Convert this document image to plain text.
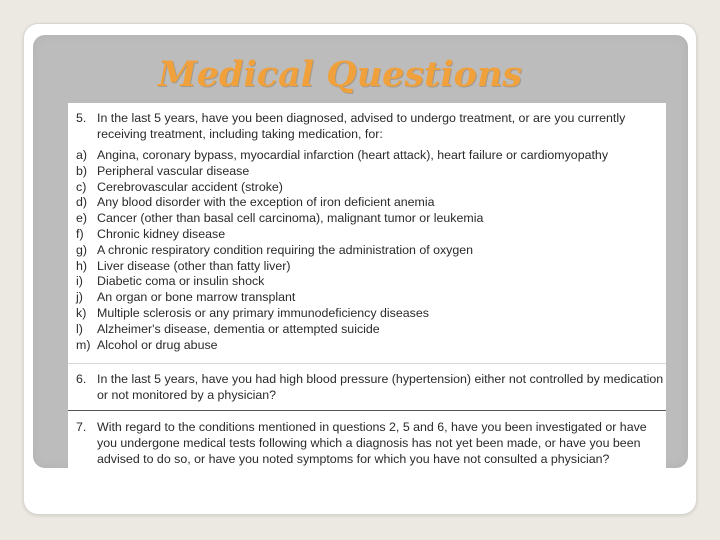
Medical Questions
5. In the last 5 years, have you been diagnosed, advised to undergo treatment, or are you currently receiving treatment, including taking medication, for:
a) Angina, coronary bypass, myocardial infarction (heart attack), heart failure or cardiomyopathy
b) Peripheral vascular disease
c) Cerebrovascular accident (stroke)
d) Any blood disorder with the exception of iron deficient anemia
e) Cancer (other than basal cell carcinoma), malignant tumor or leukemia
f)	Chronic kidney disease
g) A chronic respiratory condition requiring the administration of oxygen
h) Liver disease (other than fatty liver)
i)	Diabetic coma or insulin shock
j)	An organ or bone marrow transplant
k) Multiple sclerosis or any primary immunodeficiency diseases
l)	Alzheimer's disease, dementia or attempted suicide
m) Alcohol or drug abuse
6. In the last 5 years, have you had high blood pressure (hypertension) either not controlled by medication or not monitored by a physician?
7. With regard to the conditions mentioned in questions 2, 5 and 6, have you been investigated or have you undergone medical tests following which a diagnosis has not yet been made, or have you been advised to do so, or have you noted symptoms for which you have not consulted a physician?
